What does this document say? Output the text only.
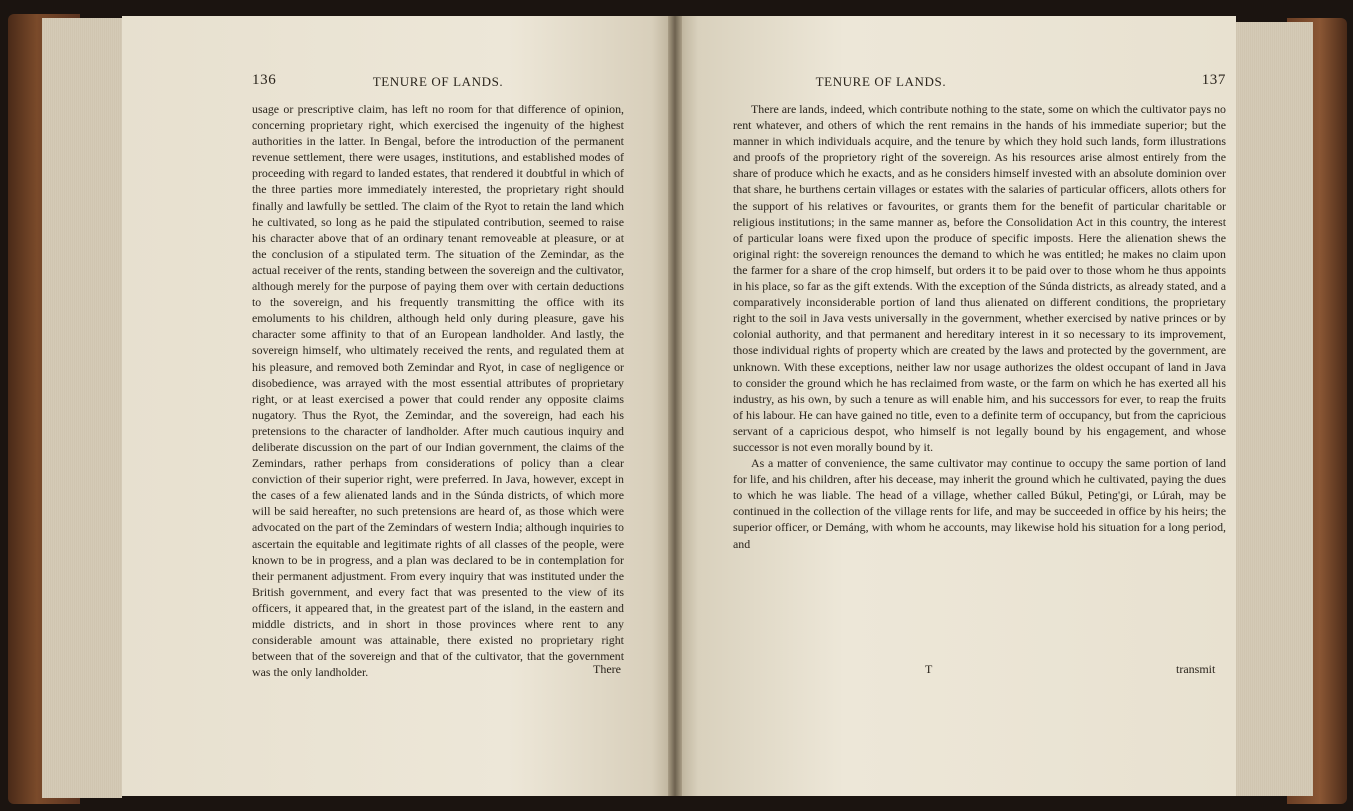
136	TENURE OF LANDS.	TENURE OF LANDS.	137

usage or prescriptive claim, has left no room for that difference of opinion, concerning proprietary right, which exercised the ingenuity of the highest authorities in the latter. In Bengal, before the introduction of the permanent revenue settlement, there were usages, institutions, and established modes of proceeding with regard to landed estates, that rendered it doubtful in which of the three parties more immediately interested, the proprietary right should finally and lawfully be settled. The claim of the Ryot to retain the land which he cultivated, so long as he paid the stipulated contribution, seemed to raise his character above that of an ordinary tenant removeable at pleasure, or at the conclusion of a stipulated term. The situation of the Zemindar, as the actual receiver of the rents, standing between the sovereign and the cultivator, although merely for the purpose of paying them over with certain deductions to the sovereign, and his frequently transmitting the office with its emoluments to his children, although held only during pleasure, gave his character some affinity to that of an European landholder. And lastly, the sovereign himself, who ultimately received the rents, and regulated them at his pleasure, and removed both Zemindar and Ryot, in case of negligence or disobedience, was arrayed with the most essential attributes of proprietary right, or at least exercised a power that could render any opposite claims nugatory. Thus the Ryot, the Zemindar, and the sovereign, had each his pretensions to the character of landholder. After much cautious inquiry and deliberate discussion on the part of our Indian government, the claims of the Zemindars, rather perhaps from considerations of policy than a clear conviction of their superior right, were preferred. In Java, however, except in the cases of a few alienated lands and in the Súnda districts, of which more will be said hereafter, no such pretensions are heard of, as those which were advocated on the part of the Zemindars of western India; although inquiries to ascertain the equitable and legitimate rights of all classes of the people, were known to be in progress, and a plan was declared to be in contemplation for their permanent adjustment. From every inquiry that was instituted under the British government, and every fact that was presented to the view of its officers, it appeared that, in the greatest part of the island, in the eastern and middle districts, and in short in those provinces where rent to any considerable amount was attainable, there existed no proprietary right between that of the sovereign and that of the cultivator, that the government was the only landholder.	There

There are lands, indeed, which contribute nothing to the state, some on which the cultivator pays no rent whatever, and others of which the rent remains in the hands of his immediate superior; but the manner in which individuals acquire, and the tenure by which they hold such lands, form illustrations and proofs of the proprietory right of the sovereign. As his resources arise almost entirely from the share of produce which he exacts, and as he considers himself invested with an absolute dominion over that share, he burthens certain villages or estates with the salaries of particular officers, allots others for the support of his relatives or favourites, or grants them for the benefit of particular charitable or religious institutions; in the same manner as, before the Consolidation Act in this country, the interest of particular loans were fixed upon the produce of specific imposts. Here the alienation shews the original right: the sovereign renounces the demand to which he was entitled; he makes no claim upon the farmer for a share of the crop himself, but orders it to be paid over to those whom he thus appoints in his place, so far as the gift extends. With the exception of the Súnda districts, as already stated, and a comparatively inconsiderable portion of land thus alienated on different conditions, the proprietary right to the soil in Java vests universally in the government, whether exercised by native princes or by colonial authority, and that permanent and hereditary interest in it so necessary to its improvement, those individual rights of property which are created by the laws and protected by the government, are unknown. With these exceptions, neither law nor usage authorizes the oldest occupant of land in Java to consider the ground which he has reclaimed from waste, or the farm on which he has exerted all his industry, as his own, by such a tenure as will enable him, and his successors for ever, to reap the fruits of his labour. He can have gained no title, even to a definite term of occupancy, but from the capricious servant of a capricious despot, who himself is not legally bound by his engagement, and whose successor is not even morally bound by it.

As a matter of convenience, the same cultivator may continue to occupy the same portion of land for life, and his children, after his decease, may inherit the ground which he cultivated, paying the dues to which he was liable. The head of a village, whether called Búkul, Peting'gi, or Lúrah, may be continued in the collection of the village rents for life, and may be succeeded in office by his heirs; the superior officer, or Demáng, with whom he accounts, may likewise hold his situation for a long period, and

T	transmit
